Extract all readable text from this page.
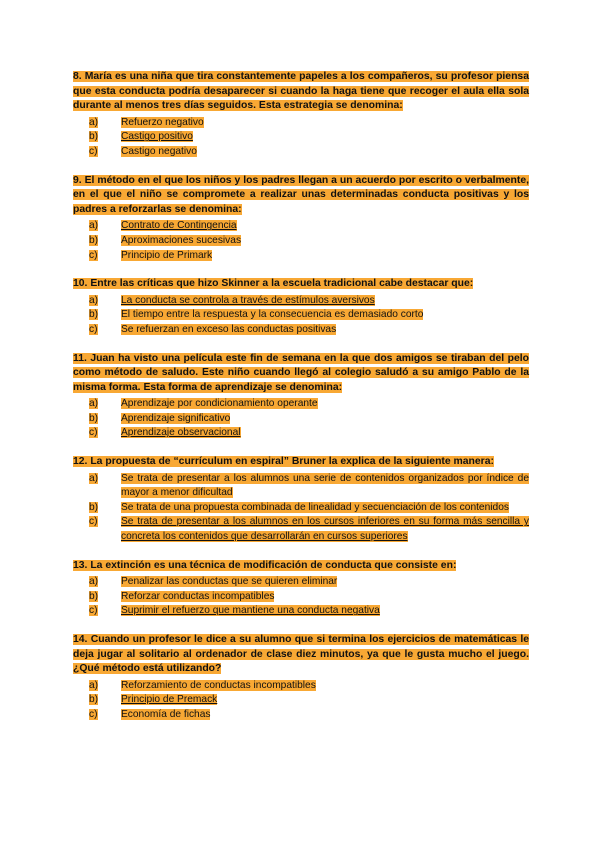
8. María es una niña que tira constantemente papeles a los compañeros, su profesor piensa que esta conducta podría desaparecer si cuando la haga tiene que recoger el aula ella sola durante al menos tres días seguidos. Esta estrategia se denomina:

a)	Refuerzo negativo
b)	Castigo positivo
c)	Castigo negativo

9. El método en el que los niños y los padres llegan a un acuerdo por escrito o verbalmente, en el que el niño se compromete a realizar unas determinadas conducta positivas y los padres a reforzarlas se denomina:

a)	Contrato de Contingencia
b)	Aproximaciones sucesivas
c)	Principio de Primark

10. Entre las críticas que hizo Skinner a la escuela tradicional cabe destacar que:

a)	La conducta se controla a través de estímulos aversivos
b)	El tiempo entre la respuesta y la consecuencia es demasiado corto
c)	Se refuerzan en exceso las conductas positivas

11. Juan ha visto una película este fin de semana en la que dos amigos se tiraban del pelo como método de saludo. Este niño cuando llegó al colegio saludó a su amigo Pablo de la misma forma. Esta forma de aprendizaje se denomina:

a)	Aprendizaje por condicionamiento operante
b)	Aprendizaje significativo
c)	Aprendizaje observacional

12. La propuesta de “currículum en espiral” Bruner la explica de la siguiente manera:

a)	Se trata de presentar a los alumnos una serie de contenidos organizados por índice de mayor a menor dificultad
b)	Se trata de una propuesta combinada de linealidad y secuenciación de los contenidos
c)	Se trata de presentar a los alumnos en los cursos inferiores en su forma más sencilla y concreta los contenidos que desarrollarán en cursos superiores

13. La extinción es una técnica de modificación de conducta que consiste en:

a)	Penalizar las conductas que se quieren eliminar
b)	Reforzar conductas incompatibles
c)	Suprimir el refuerzo que mantiene una conducta negativa

14. Cuando un profesor le dice a su alumno que si termina los ejercicios de matemáticas le deja jugar al solitario al ordenador de clase diez minutos, ya que le gusta mucho el juego. ¿Qué método está utilizando?

a)	Reforzamiento de conductas incompatibles
b)	Principio de Premack
c)	Economía de fichas
